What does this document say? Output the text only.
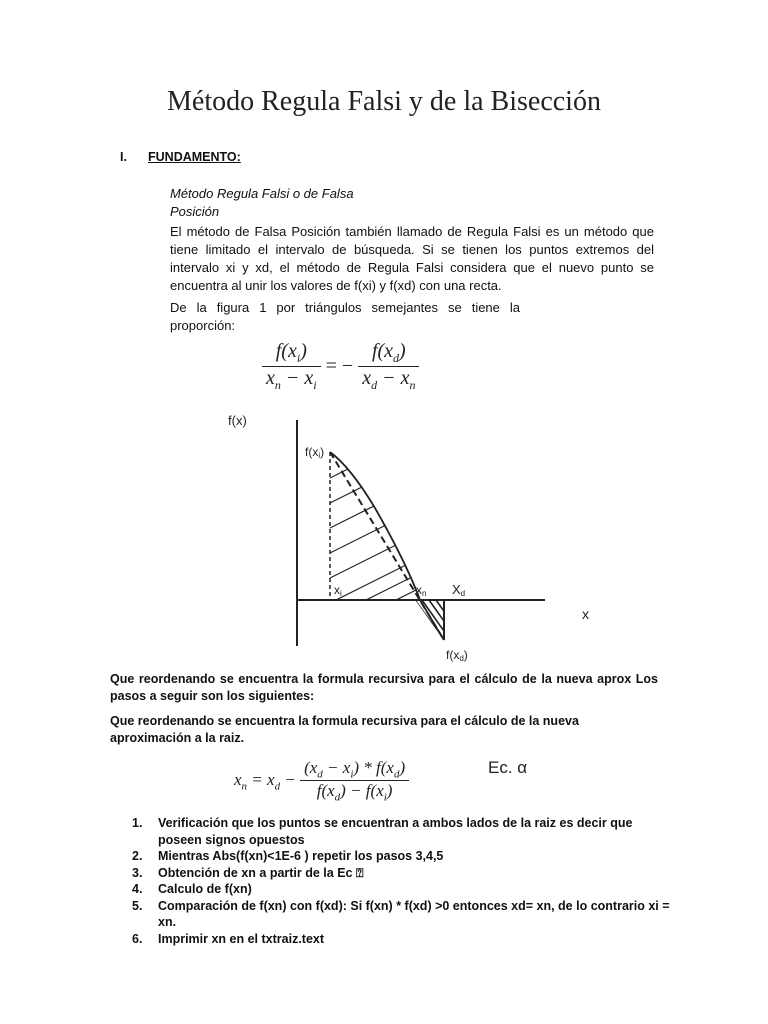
Método Regula Falsi y de la Bisección
I. FUNDAMENTO:
Método Regula Falsi o de Falsa
Posición
El método de Falsa Posición también llamado de Regula Falsi es un método que tiene limitado el intervalo de búsqueda. Si se tienen los puntos extremos del intervalo xi y xd, el método de Regula Falsi considera que el nuevo punto se encuentra al unir los valores de f(xi) y f(xd) con una recta.
De la figura 1 por triángulos semejantes se tiene la proporción:
$\frac{f(x_i)}{x_n - x_i}$ = − $\frac{f(x_d)}{x_d - x_n}$
f(x)
x
f(xi)
xi	xn Xd
f(xd)
Que reordenando se encuentra la formula recursiva para el cálculo de la nueva aprox Los pasos a seguir son los siguientes:
Que reordenando se encuentra la formula recursiva para el cálculo de la nueva aproximación a la raiz.
$x_n = x_d - \frac{(x_d - x_i) * f(x_d)}{f(x_d) - f(x_i)}$	Ec. α
1. Verificación que los puntos se encuentran a ambos lados de la raiz es decir que poseen signos opuestos
2. Mientras Abs(f(xn)<1E-6 ) repetir los pasos 3,4,5
3. Obtención de xn a partir de la Ec ⍰
4. Calculo de f(xn)
5. Comparación de f(xn) con f(xd): Si f(xn) * f(xd) >0 entonces xd= xn, de lo contrario xi = xn.
6. Imprimir xn en el txtraiz.text
